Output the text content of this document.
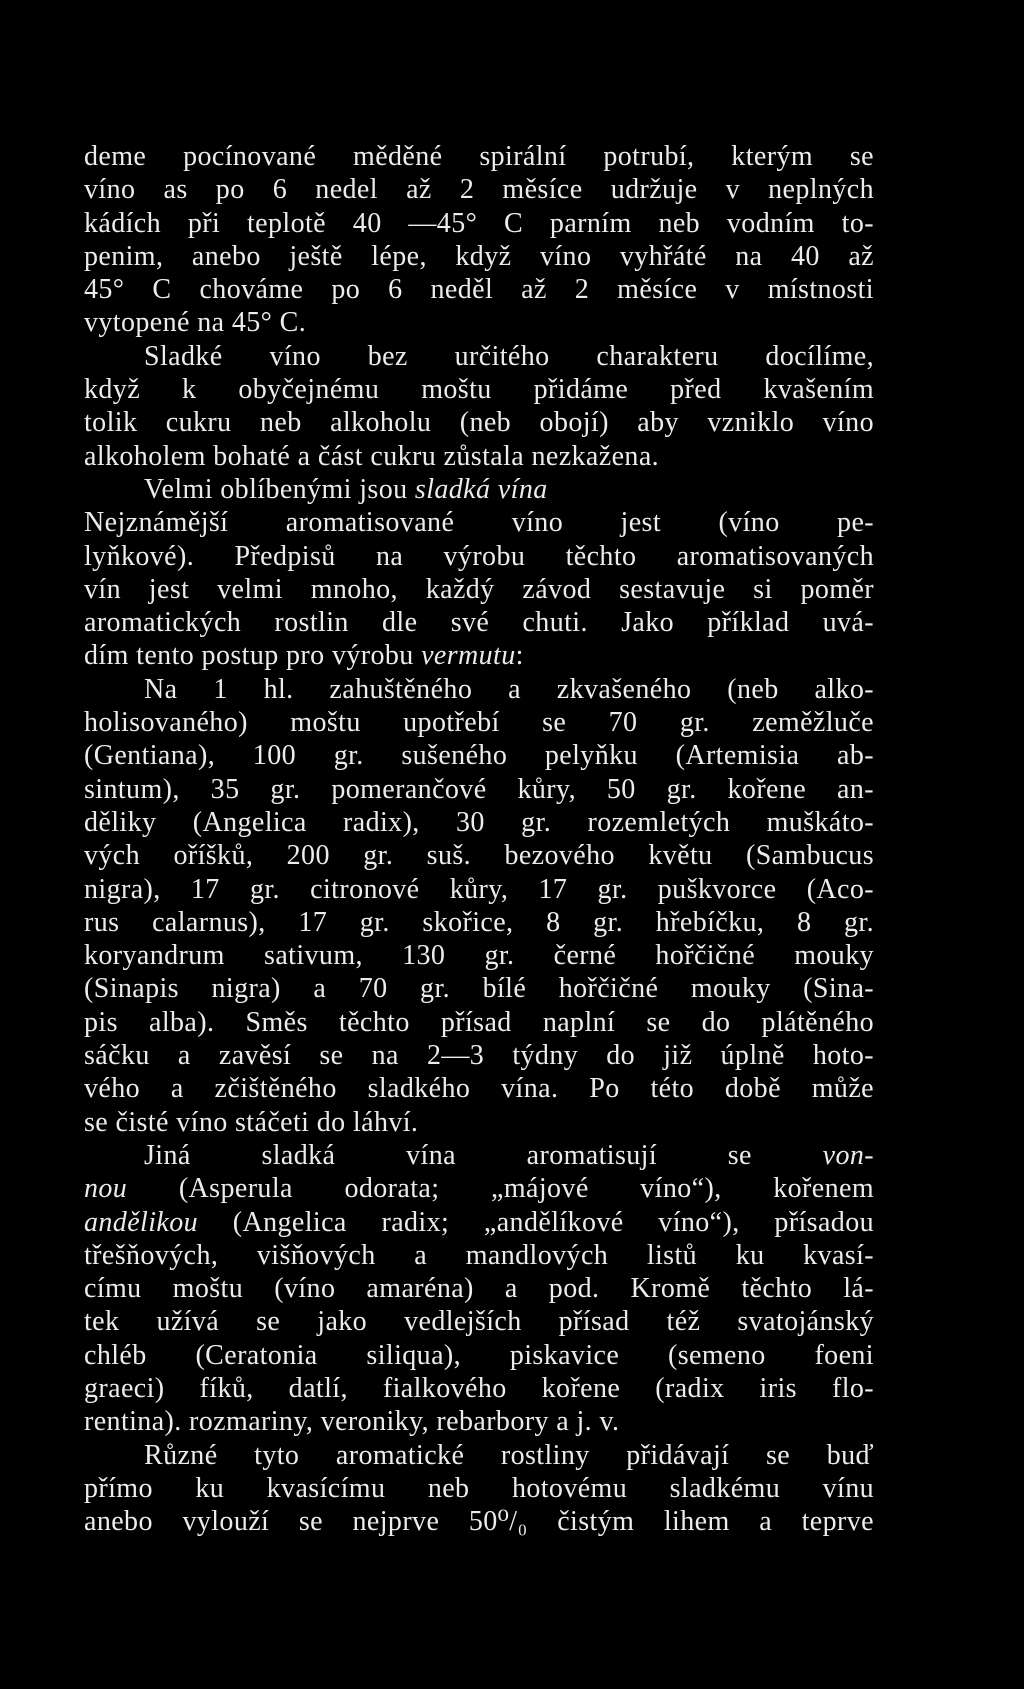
deme pocínované měděné spirální potrubí, kterým se
víno as po 6 nedel až 2 měsíce udržuje v neplných
kádích při teplotě 40 —45° C parním neb vodním to-
penim, anebo ještě lépe, když víno vyhřáté na 40 až
45° C chováme po 6 neděl až 2 měsíce v místnosti
vytopené na 45° C.
Sladké víno bez určitého charakteru docílíme,
když k obyčejnému moštu přidáme před kvašením
tolik cukru neb alkoholu (neb obojí) aby vzniklo víno
alkoholem bohaté a část cukru zůstala nezkažena.
Velmi oblíbenými jsou sladká vína
Nejznámější aromatisované víno jest (víno pe-
lyňkové). Předpisů na výrobu těchto aromatisovaných
vín jest velmi mnoho, každý závod sestavuje si poměr
aromatických rostlin dle své chuti. Jako příklad uvá-
dím tento postup pro výrobu vermutu:
Na 1 hl. zahuštěného a zkvašeného (neb alko-
holisovaného) moštu upotřebí se 70 gr. zeměžluče
(Gentiana), 100 gr. sušeného pelyňku (Artemisia ab-
sintum), 35 gr. pomerančové kůry, 50 gr. kořene an-
děliky (Angelica radix), 30 gr. rozemletých muškáto-
vých oříšků, 200 gr. suš. bezového květu (Sambucus
nigra), 17 gr. citronové kůry, 17 gr. puškvorce (Aco-
rus calarnus), 17 gr. skořice, 8 gr. hřebíčku, 8 gr.
koryandrum sativum, 130 gr. černé hořčičné mouky
(Sinapis nigra) a 70 gr. bílé hořčičné mouky (Sina-
pis alba). Směs těchto přísad naplní se do plátěného
sáčku a zavěsí se na 2—3 týdny do již úplně hoto-
vého a zčištěného sladkého vína. Po této době může
se čisté víno stáčeti do láhví.
Jiná sladká vína aromatisují se von-
nou (Asperula odorata; „májové víno“), kořenem
andělikou (Angelica radix; „andělíkové víno“), přísadou
třešňových, višňových a mandlových listů ku kvasí-
címu moštu (víno amaréna) a pod. Kromě těchto lá-
tek užívá se jako vedlejších přísad též svatojánský
chléb (Ceratonia siliqua), piskavice (semeno foeni
graeci) fíků, datlí, fialkového kořene (radix iris flo-
rentina). rozmariny, veroniky, rebarbory a j. v.
Různé tyto aromatické rostliny přidávají se buď
přímo ku kvasícímu neb hotovému sladkému vínu
anebo vylouží se nejprve 50⁰/₀ čistým lihem a teprve
